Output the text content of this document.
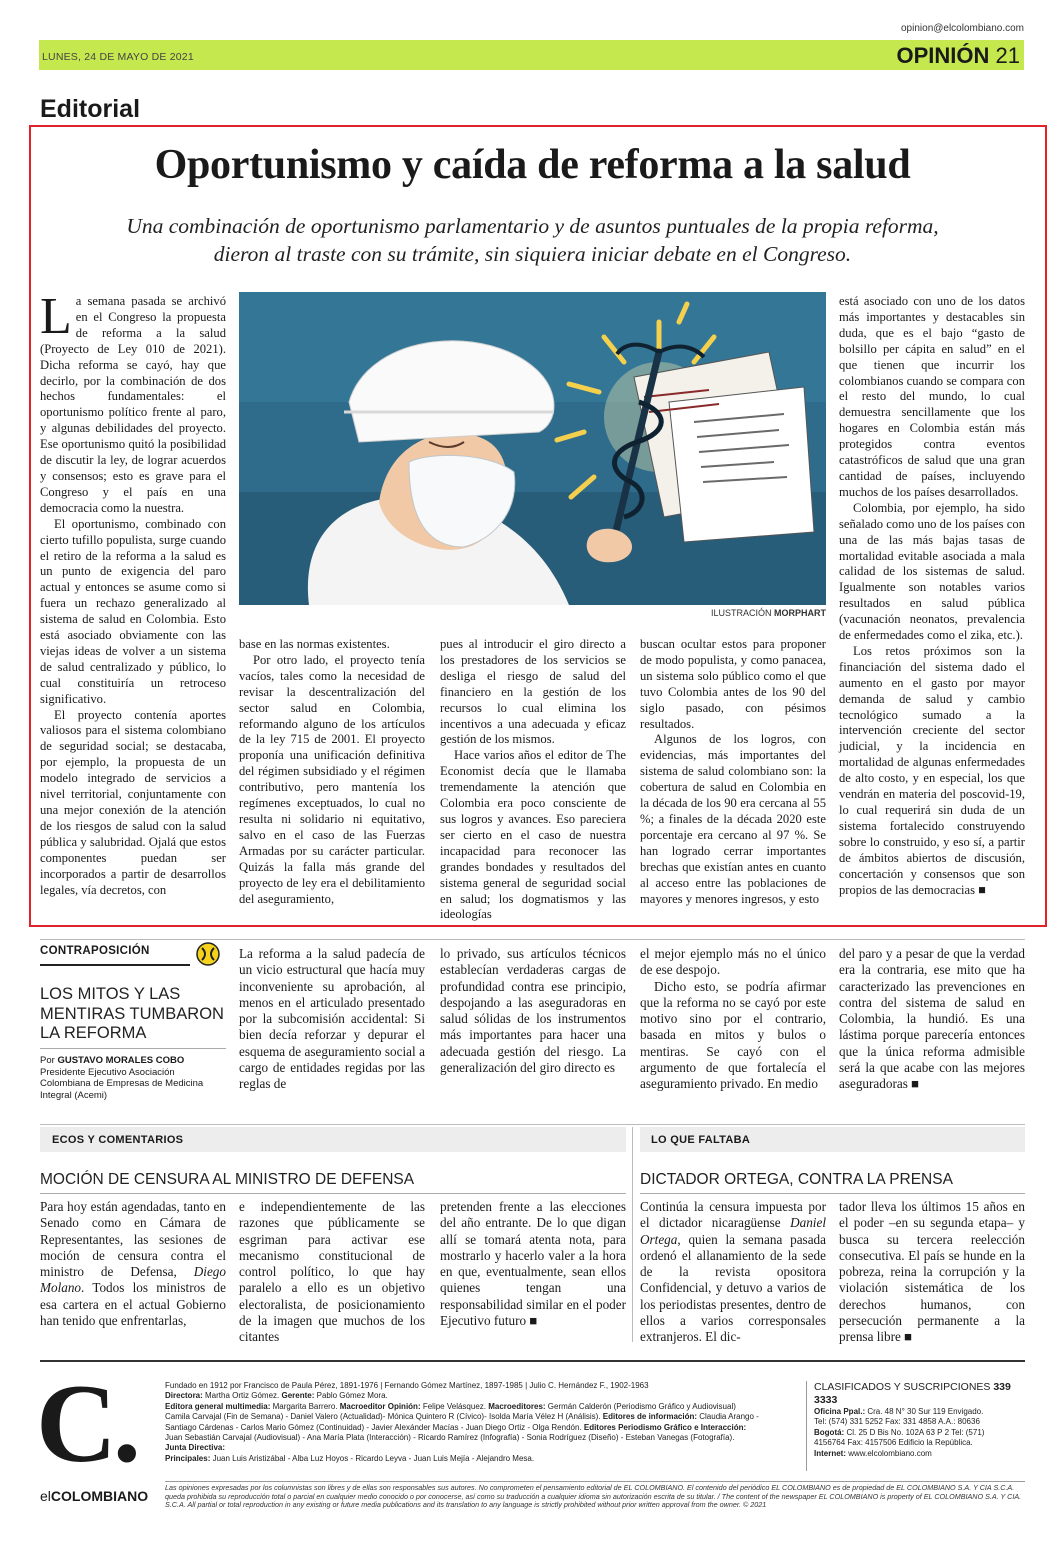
opinion@elcolombiano.com
LUNES, 24 DE MAYO DE 2021	OPINIÓN 21
Editorial
Oportunismo y caída de reforma a la salud
Una combinación de oportunismo parlamentario y de asuntos puntuales de la propia reforma,
dieron al traste con su trámite, sin siquiera iniciar debate en el Congreso.

La semana pasada se archivó en el Congreso la propuesta de reforma a la salud (Proyecto de Ley 010 de 2021). Dicha reforma se cayó, hay que decirlo, por la combinación de dos hechos fundamentales: el oportunismo político frente al paro, y algunas debilidades del proyecto. Ese oportunismo quitó la posibilidad de discutir la ley, de lograr acuerdos y consensos; esto es grave para el Congreso y el país en una democracia como la nuestra.

El oportunismo, combinado con cierto tufillo populista, surge cuando el retiro de la reforma a la salud es un punto de exigencia del paro actual y entonces se asume como si fuera un rechazo generalizado al sistema de salud en Colombia. Esto está asociado obviamente con las viejas ideas de volver a un sistema de salud centralizado y público, lo cual constituiría un retroceso significativo.

El proyecto contenía aportes valiosos para el sistema colombiano de seguridad social; se destacaba, por ejemplo, la propuesta de un modelo integrado de servicios a nivel territorial, conjuntamente con una mejor conexión de la atención de los riesgos de salud con la salud pública y salubridad. Ojalá que estos componentes puedan ser incorporados a partir de desarrollos legales, vía decretos, con

ILUSTRACIÓN MORPHART

base en las normas existentes.

Por otro lado, el proyecto tenía vacíos, tales como la necesidad de revisar la descentralización del sector salud en Colombia, reformando alguno de los artículos de la ley 715 de 2001. El proyecto proponía una unificación definitiva del régimen subsidiado y el régimen contributivo, pero mantenía los regímenes exceptuados, lo cual no resulta ni solidario ni equitativo, salvo en el caso de las Fuerzas Armadas por su carácter particular. Quizás la falla más grande del proyecto de ley era el debilitamiento del aseguramiento,

pues al introducir el giro directo a los prestadores de los servicios se desliga el riesgo de salud del financiero en la gestión de los recursos lo cual elimina los incentivos a una adecuada y eficaz gestión de los mismos.

Hace varios años el editor de The Economist decía que le llamaba tremendamente la atención que Colombia era poco consciente de sus logros y avances. Eso pareciera ser cierto en el caso de nuestra incapacidad para reconocer las grandes bondades y resultados del sistema general de seguridad social en salud; los dogmatismos y las ideologías

buscan ocultar estos para proponer de modo populista, y como panacea, un sistema solo público como el que tuvo Colombia antes de los 90 del siglo pasado, con pésimos resultados.

Algunos de los logros, con evidencias, más importantes del sistema de salud colombiano son: la cobertura de salud en Colombia en la década de los 90 era cercana al 55 %; a finales de la década 2020 este porcentaje era cercano al 97 %. Se han logrado cerrar importantes brechas que existían antes en cuanto al acceso entre las poblaciones de mayores y menores ingresos, y esto

está asociado con uno de los datos más importantes y destacables sin duda, que es el bajo “gasto de bolsillo per cápita en salud” en el que tienen que incurrir los colombianos cuando se compara con el resto del mundo, lo cual demuestra sencillamente que los hogares en Colombia están más protegidos contra eventos catastróficos de salud que una gran cantidad de países, incluyendo muchos de los países desarrollados.

Colombia, por ejemplo, ha sido señalado como uno de los países con una de las más bajas tasas de mortalidad evitable asociada a mala calidad de los sistemas de salud. Igualmente son notables varios resultados en salud pública (vacunación neonatos, prevalencia de enfermedades como el zika, etc.).

Los retos próximos son la financiación del sistema dado el aumento en el gasto por mayor demanda de salud y cambio tecnológico sumado a la intervención creciente del sector judicial, y la incidencia en mortalidad de algunas enfermedades de alto costo, y en especial, los que vendrán en materia del poscovid-19, lo cual requerirá sin duda de un sistema fortalecido construyendo sobre lo construido, y eso sí, a partir de ámbitos abiertos de discusión, concertación y consensos que son propios de las democracias ■

CONTRAPOSICIÓN
LOS MITOS Y LAS MENTIRAS TUMBARON LA REFORMA
Por GUSTAVO MORALES COBO
Presidente Ejecutivo Asociación Colombiana de Empresas de Medicina Integral (Acemi)

La reforma a la salud padecía de un vicio estructural que hacía muy inconveniente su aprobación, al menos en el articulado presentado por la subcomisión accidental: Si bien decía reforzar y depurar el esquema de aseguramiento social a cargo de entidades regidas por las reglas de

lo privado, sus artículos técnicos establecían verdaderas cargas de profundidad contra ese principio, despojando a las aseguradoras en salud sólidas de los instrumentos más importantes para hacer una adecuada gestión del riesgo. La generalización del giro directo es

el mejor ejemplo más no el único de ese despojo.

Dicho esto, se podría afirmar que la reforma no se cayó por este motivo sino por el contrario, basada en mitos y bulos o mentiras. Se cayó con el argumento de que fortalecía el aseguramiento privado. En medio

del paro y a pesar de que la verdad era la contraria, ese mito que ha caracterizado las prevenciones en contra del sistema de salud en Colombia, la hundió. Es una lástima porque parecería entonces que la única reforma admisible será la que acabe con las mejores aseguradoras ■

ECOS Y COMENTARIOS	LO QUE FALTABA
MOCIÓN DE CENSURA AL MINISTRO DE DEFENSA	DICTADOR ORTEGA, CONTRA LA PRENSA

Para hoy están agendadas, tanto en Senado como en Cámara de Representantes, las sesiones de moción de censura contra el ministro de Defensa, Diego Molano. Todos los ministros de esa cartera en el actual Gobierno han tenido que enfrentarlas,

e independientemente de las razones que públicamente se esgriman para activar ese mecanismo constitucional de control político, lo que hay paralelo a ello es un objetivo electoralista, de posicionamiento de la imagen que muchos de los citantes

pretenden frente a las elecciones del año entrante. De lo que digan allí se tomará atenta nota, para mostrarlo y hacerlo valer a la hora en que, eventualmente, sean ellos quienes tengan una responsabilidad similar en el poder Ejecutivo futuro ■

Continúa la censura impuesta por el dictador nicaragüense Daniel Ortega, quien la semana pasada ordenó el allanamiento de la sede de la revista opositora Confidencial, y detuvo a varios de los periodistas presentes, dentro de ellos a varios corresponsales extranjeros. El dic-

tador lleva los últimos 15 años en el poder –en su segunda etapa– y busca su tercera reelección consecutiva. El país se hunde en la pobreza, reina la corrupción y la violación sistemática de los derechos humanos, con persecución permanente a la prensa libre ■

C.
elCOLOMBIANO
Fundado en 1912 por Francisco de Paula Pérez, 1891-1976 | Fernando Gómez Martínez, 1897-1985 | Julio C. Hernández F., 1902-1963
Directora: Martha Ortiz Gómez. Gerente: Pablo Gómez Mora.
Editora general multimedia: Margarita Barrero. Macroeditor Opinión: Felipe Velásquez. Macroeditores: Germán Calderón (Periodismo Gráfico y Audiovisual)
Camila Carvajal (Fin de Semana) - Daniel Valero (Actualidad)- Mónica Quintero R (Cívico)- Isolda María Vélez H (Análisis). Editores de información: Claudia Arango -
Santiago Cárdenas - Carlos Mario Gómez (Continuidad) - Javier Alexánder Macías - Juan Diego Ortiz - Olga Rendón. Editores Periodismo Gráfico e Interacción:
Juan Sebastián Carvajal (Audiovisual) - Ana María Plata (Interacción) - Ricardo Ramírez (Infografía) - Sonia Rodríguez (Diseño) - Esteban Vanegas (Fotografía).
Junta Directiva:
Principales: Juan Luis Aristizábal - Alba Luz Hoyos - Ricardo Leyva - Juan Luis Mejía - Alejandro Mesa.
CLASIFICADOS Y SUSCRIPCIONES 339 3333
Oficina Ppal.: Cra. 48 N° 30 Sur 119 Envigado.
Tel: (574) 331 5252 Fax: 331 4858 A.A.: 80636
Bogotá: Cl. 25 D Bis No. 102A 63 P 2 Tel: (571)
4156764 Fax: 4157506 Edificio la República.
Internet: www.elcolombiano.com
Las opiniones expresadas por los columnistas son libres y de ellas son responsables sus autores. No comprometen el pensamiento editorial de EL COLOMBIANO. El contenido del periódico EL COLOMBIANO es de propiedad de EL COLOMBIANO S.A. Y CIA S.C.A. queda prohibida su reproducción total o parcial en cualquier medio conocido o por conocerse, así como su traducción a cualquier idioma sin autorización escrita de su titular. / The content of the newspaper EL COLOMBIANO is property of EL COLOMBIANO S.A. Y CIA. S.C.A. All partial or total reproduction in any existing or future media publications and its translation to any language is strictly prohibited without prior written approval from the owner. © 2021
